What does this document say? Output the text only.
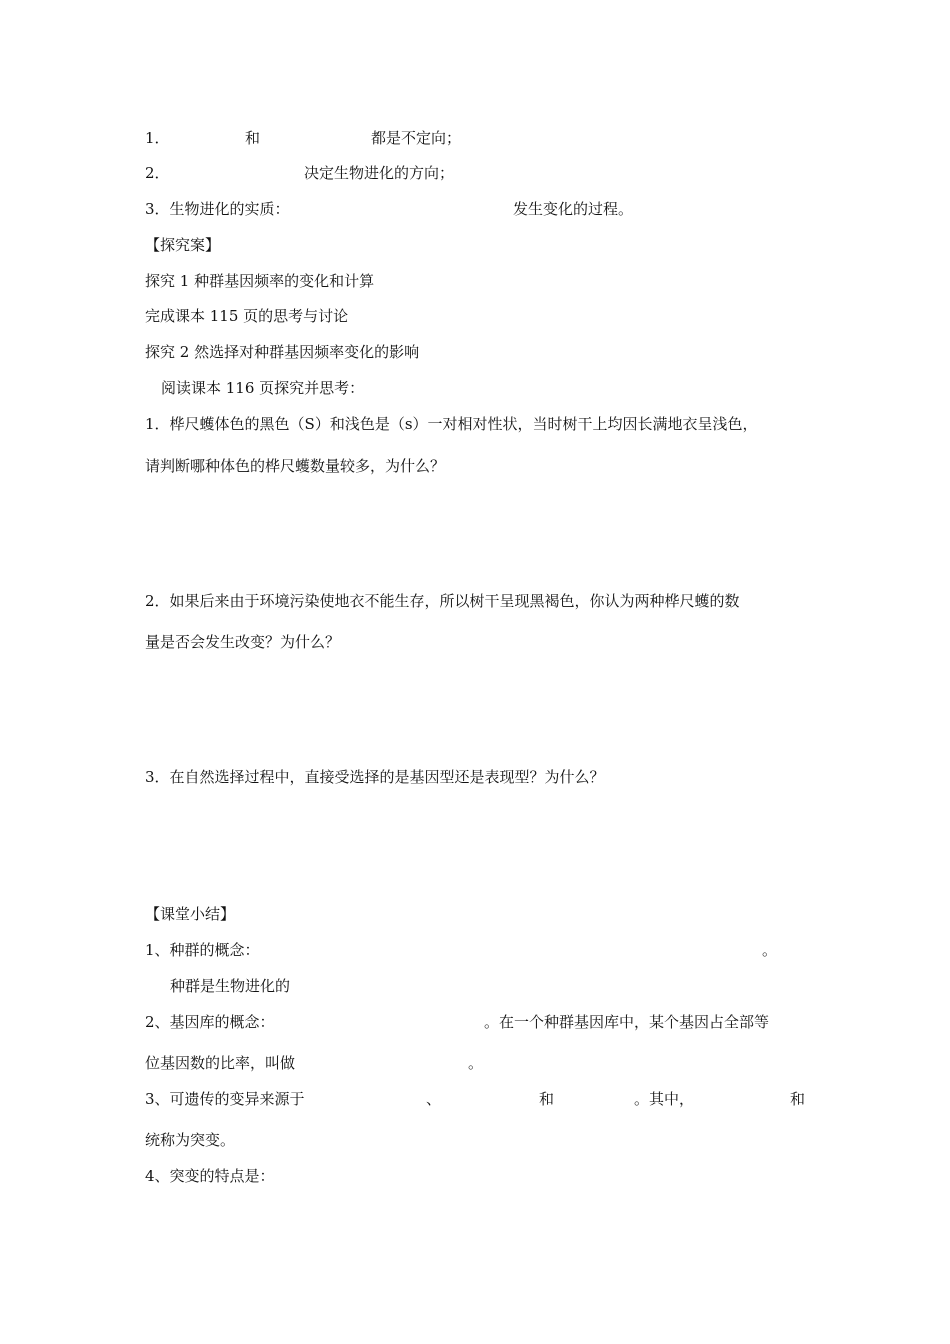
1．	和	都是不定向；
2．	决定生物进化的方向；
3．生物进化的实质：	发生变化的过程。
【探究案】
探究 1 种群基因频率的变化和计算
完成课本 115 页的思考与讨论
探究 2 然选择对种群基因频率变化的影响
阅读课本 116 页探究并思考：
1．桦尺蠖体色的黑色（S）和浅色是（s）一对相对性状，当时树干上均因长满地衣呈浅色，
请判断哪种体色的桦尺蠖数量较多，为什么？
2．如果后来由于环境污染使地衣不能生存，所以树干呈现黑褐色，你认为两种桦尺蠖的数
量是否会发生改变？为什么？
3．在自然选择过程中，直接受选择的是基因型还是表现型？为什么？
【课堂小结】
1、种群的概念：	。
种群是生物进化的
2、基因库的概念：	。在一个种群基因库中，某个基因占全部等
位基因数的比率，叫做	。
3、可遗传的变异来源于	、	和	。其中，	和
统称为突变。
4、突变的特点是：
